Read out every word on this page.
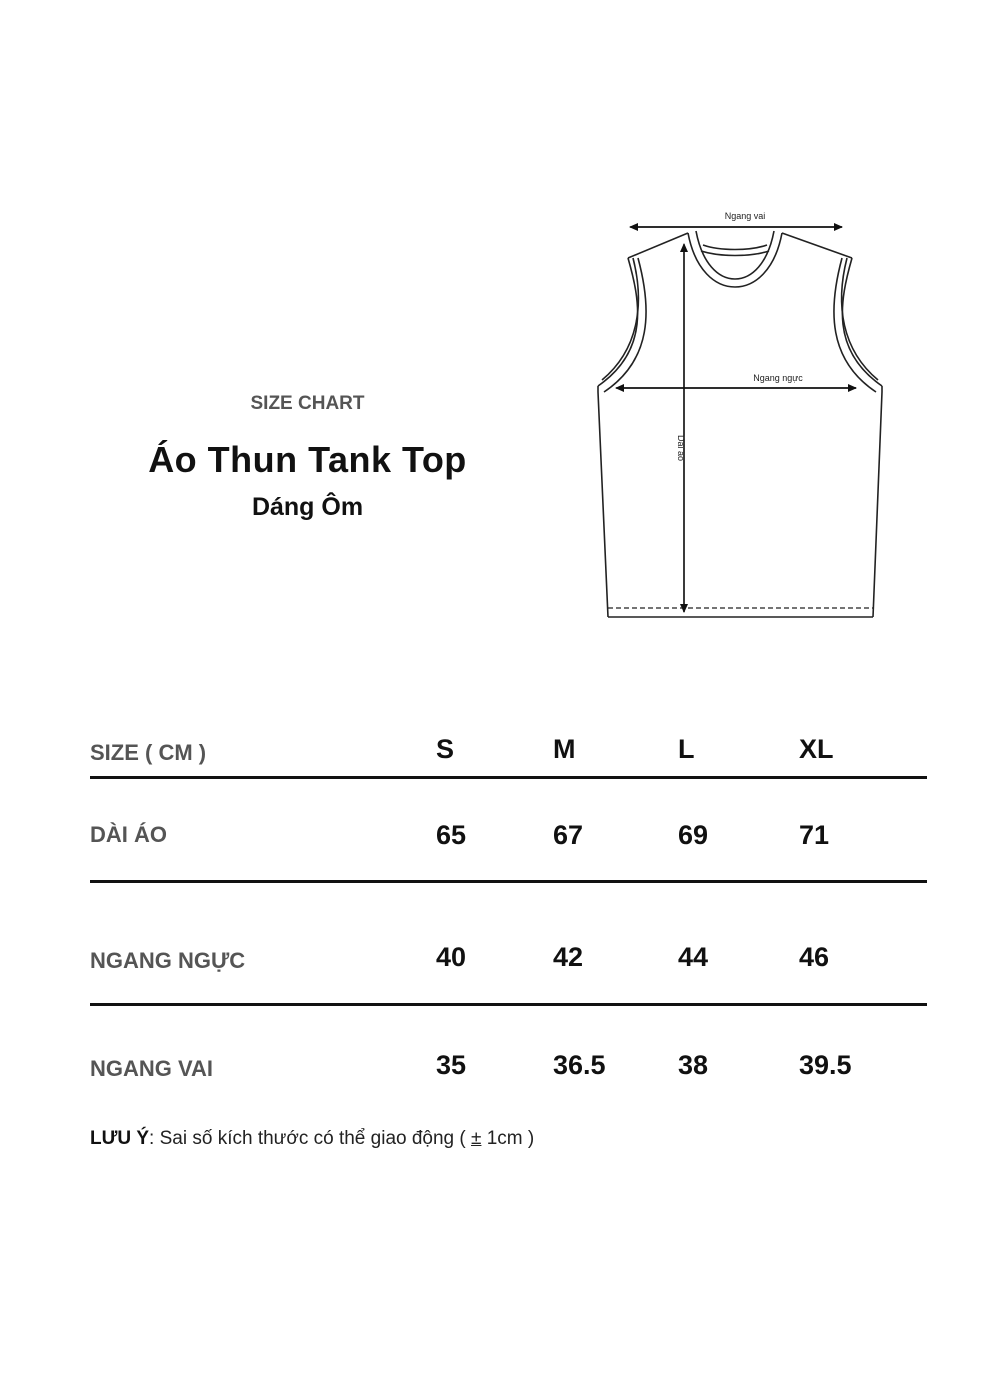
SIZE CHART

Áo Thun Tank Top
Dáng Ôm
Ngang vai
Ngang ngực
Dài áo
SIZE ( CM )	S	M	L	XL
DÀI ÁO	65	67	69	71
NGANG NGỰC	40	42	44	46
NGANG VAI	35	36.5	38	39.5
LƯU Ý: Sai số kích thước có thể giao động ( ± 1cm )
